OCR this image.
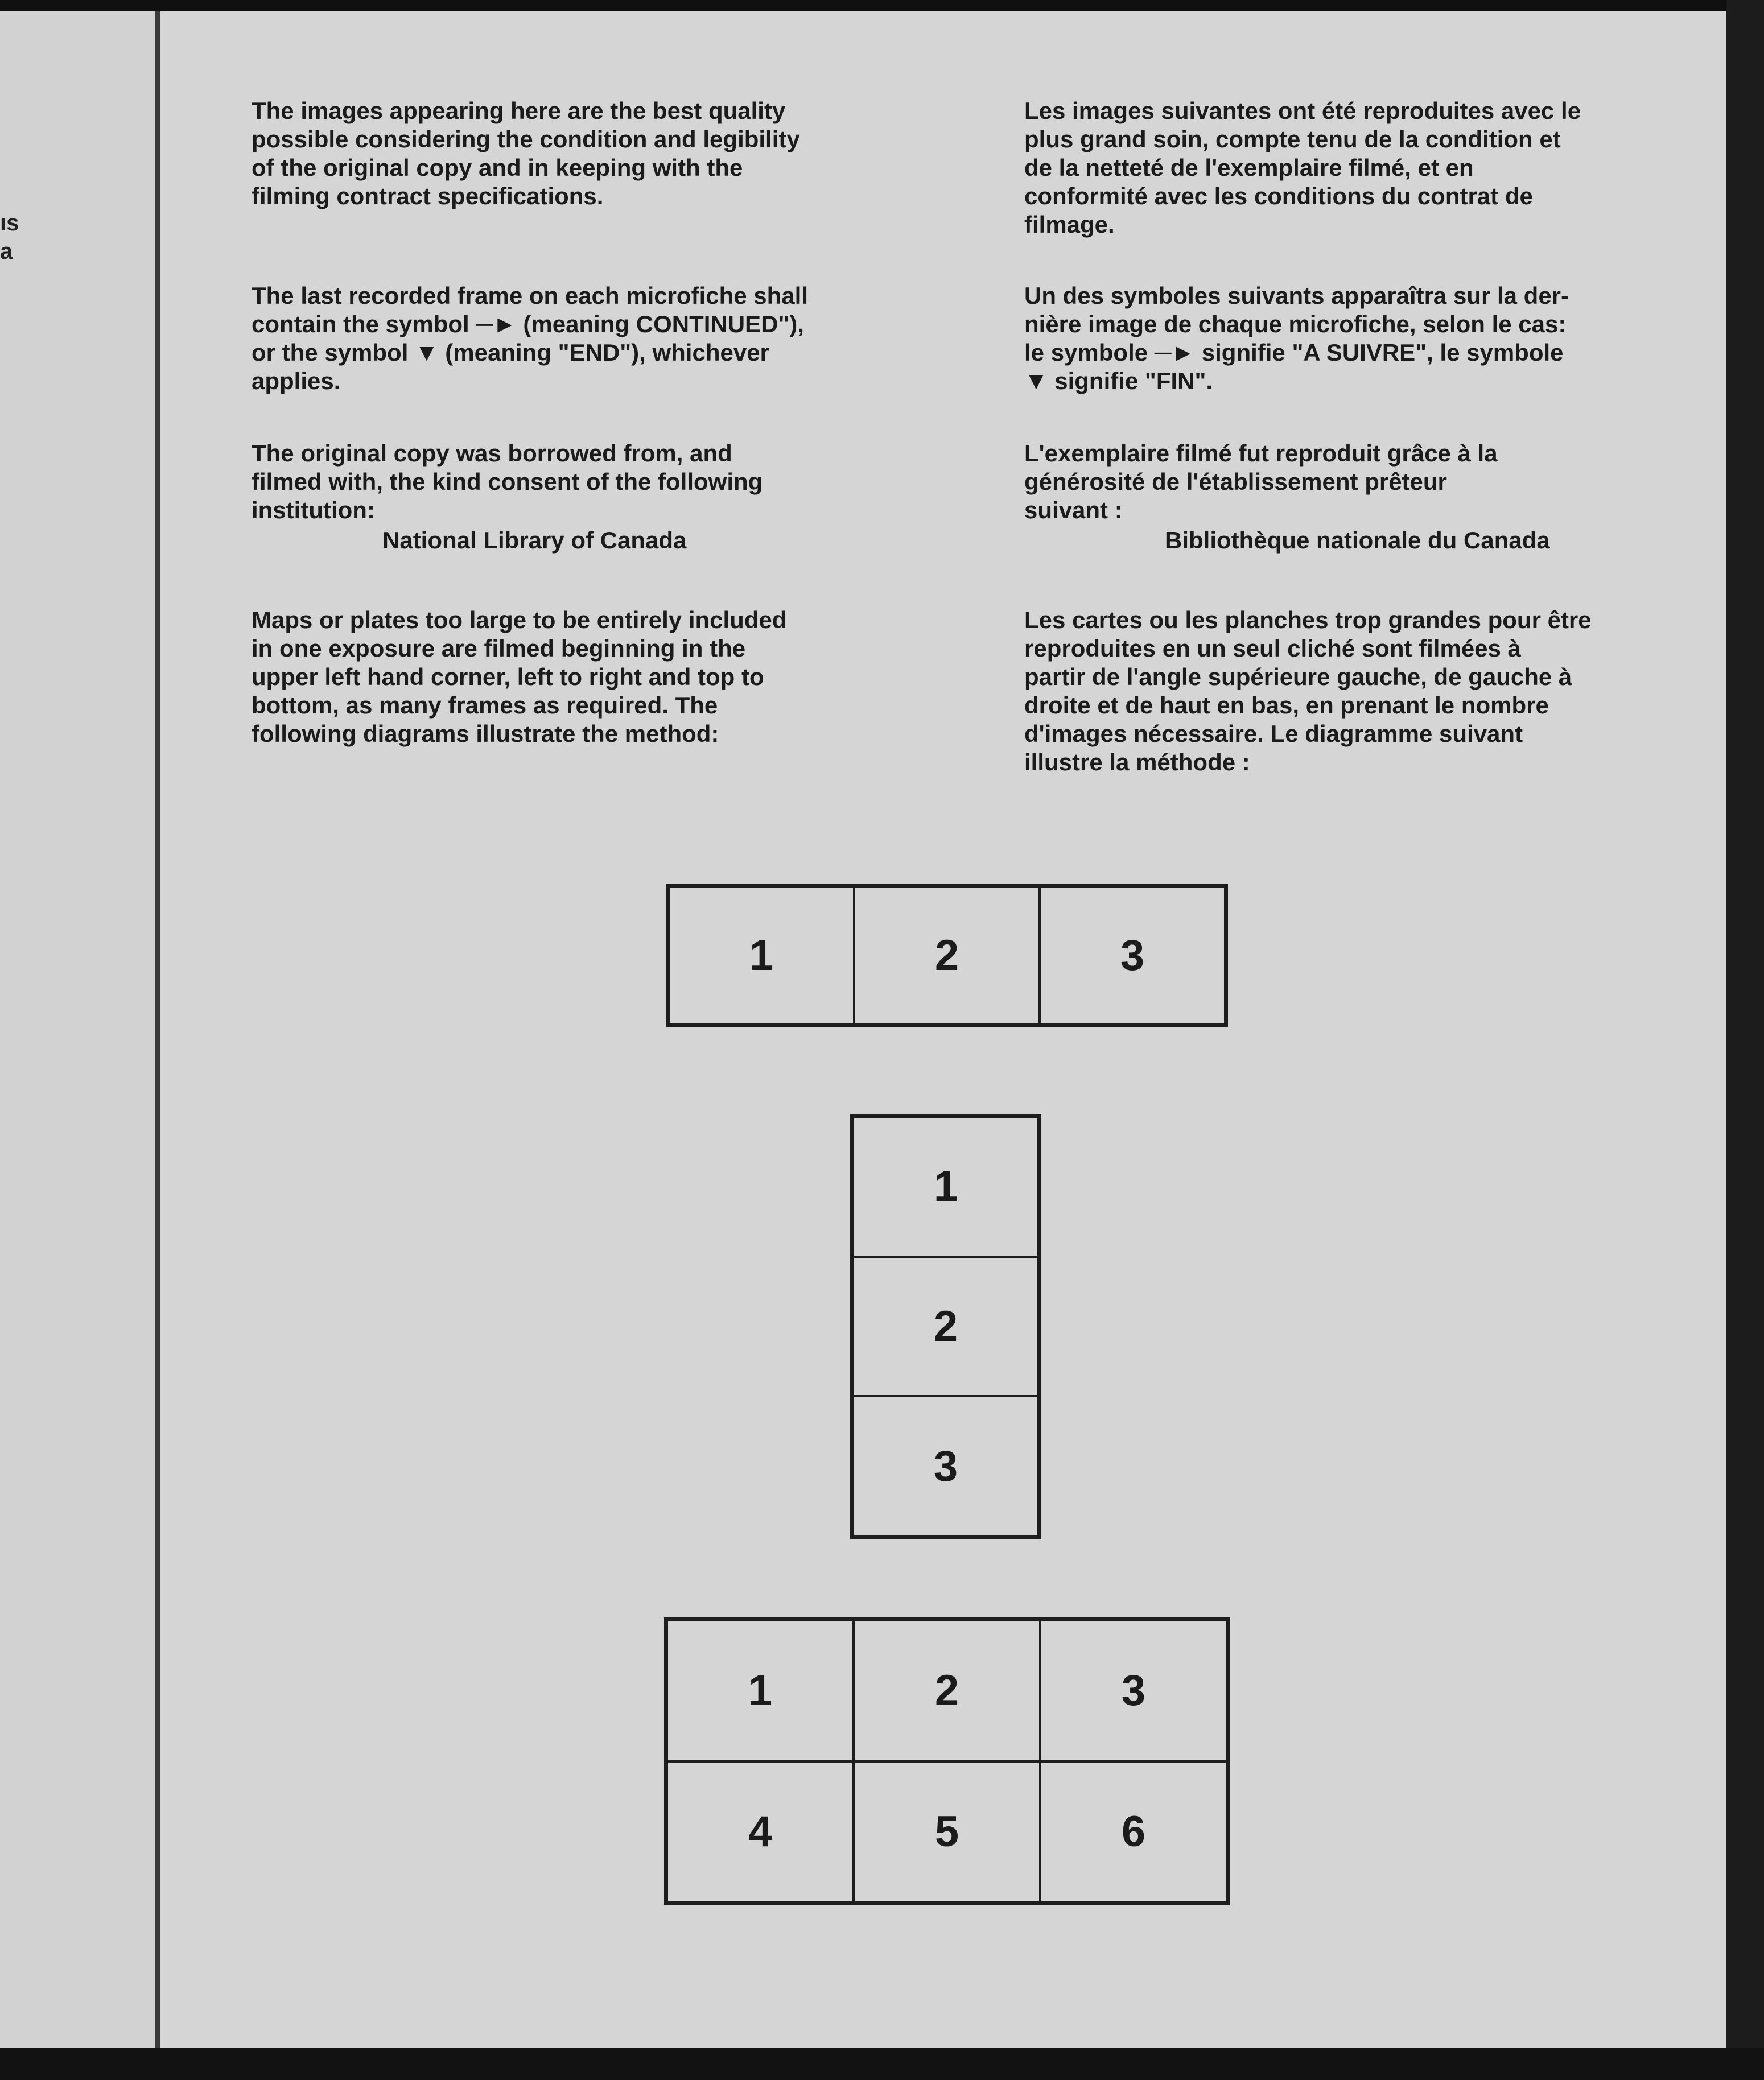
ıs
a

The images appearing here are the best quality
possible considering the condition and legibility
of the original copy and in keeping with the
filming contract specifications.

The last recorded frame on each microfiche shall
contain the symbol ─► (meaning CONTINUED"),
or the symbol ▼ (meaning "END"), whichever
applies.

The original copy was borrowed from, and
filmed with, the kind consent of the following
institution:

National Library of Canada

Maps or plates too large to be entirely included
in one exposure are filmed beginning in the
upper left hand corner, left to right and top to
bottom, as many frames as required. The
following diagrams illustrate the method:

Les images suivantes ont été reproduites avec le
plus grand soin, compte tenu de la condition et
de la netteté de l'exemplaire filmé, et en
conformité avec les conditions du contrat de
filmage.

Un des symboles suivants apparaîtra sur la der-
nière image de chaque microfiche, selon le cas:
le symbole ─► signifie "A SUIVRE", le symbole
▼ signifie "FIN".

L'exemplaire filmé fut reproduit grâce à la
générosité de l'établissement prêteur
suivant :

Bibliothèque nationale du Canada

Les cartes ou les planches trop grandes pour être
reproduites en un seul cliché sont filmées à
partir de l'angle supérieure gauche, de gauche à
droite et de haut en bas, en prenant le nombre
d'images nécessaire. Le diagramme suivant
illustre la méthode :

1	2	3
1
2
3
1	2	3
4	5	6
